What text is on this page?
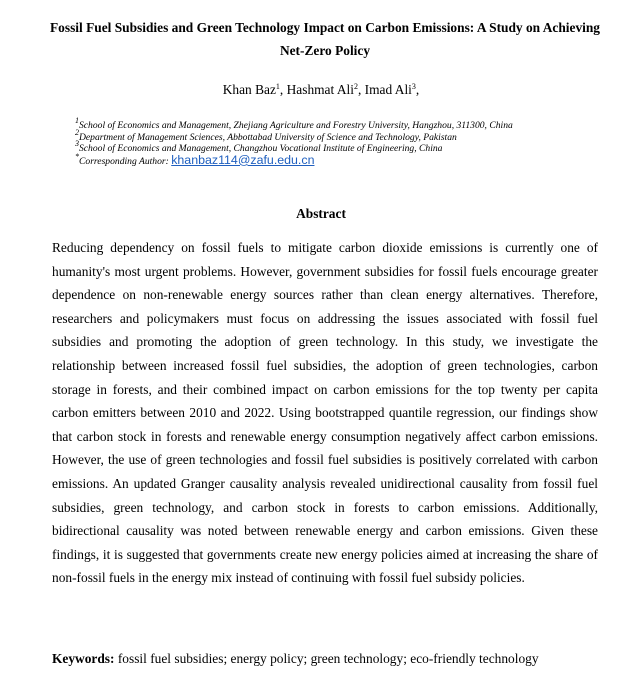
Fossil Fuel Subsidies and Green Technology Impact on Carbon Emissions: A Study on Achieving Net-Zero Policy
Khan Baz$^1$, Hashmat Ali$^2$, Imad Ali$^3$,
$^1$School of Economics and Management, Zhejiang Agriculture and Forestry University, Hangzhou, 311300, China
$^2$Department of Management Sciences, Abbottabad University of Science and Technology, Pakistan
$^3$School of Economics and Management, Changzhou Vocational Institute of Engineering, China
*Corresponding Author: khanbaz114@zafu.edu.cn
Abstract

Reducing dependency on fossil fuels to mitigate carbon dioxide emissions is currently one of humanity's most urgent problems. However, government subsidies for fossil fuels encourage greater dependence on non-renewable energy sources rather than clean energy alternatives. Therefore, researchers and policymakers must focus on addressing the issues associated with fossil fuel subsidies and promoting the adoption of green technology. In this study, we investigate the relationship between increased fossil fuel subsidies, the adoption of green technologies, carbon storage in forests, and their combined impact on carbon emissions for the top twenty per capita carbon emitters between 2010 and 2022. Using bootstrapped quantile regression, our findings show that carbon stock in forests and renewable energy consumption negatively affect carbon emissions. However, the use of green technologies and fossil fuel subsidies is positively correlated with carbon emissions. An updated Granger causality analysis revealed unidirectional causality from fossil fuel subsidies, green technology, and carbon stock in forests to carbon emissions. Additionally, bidirectional causality was noted between renewable energy and carbon emissions. Given these findings, it is suggested that governments create new energy policies aimed at increasing the share of non-fossil fuels in the energy mix instead of continuing with fossil fuel subsidy policies.

Keywords: fossil fuel subsidies; energy policy; green technology; eco-friendly technology
